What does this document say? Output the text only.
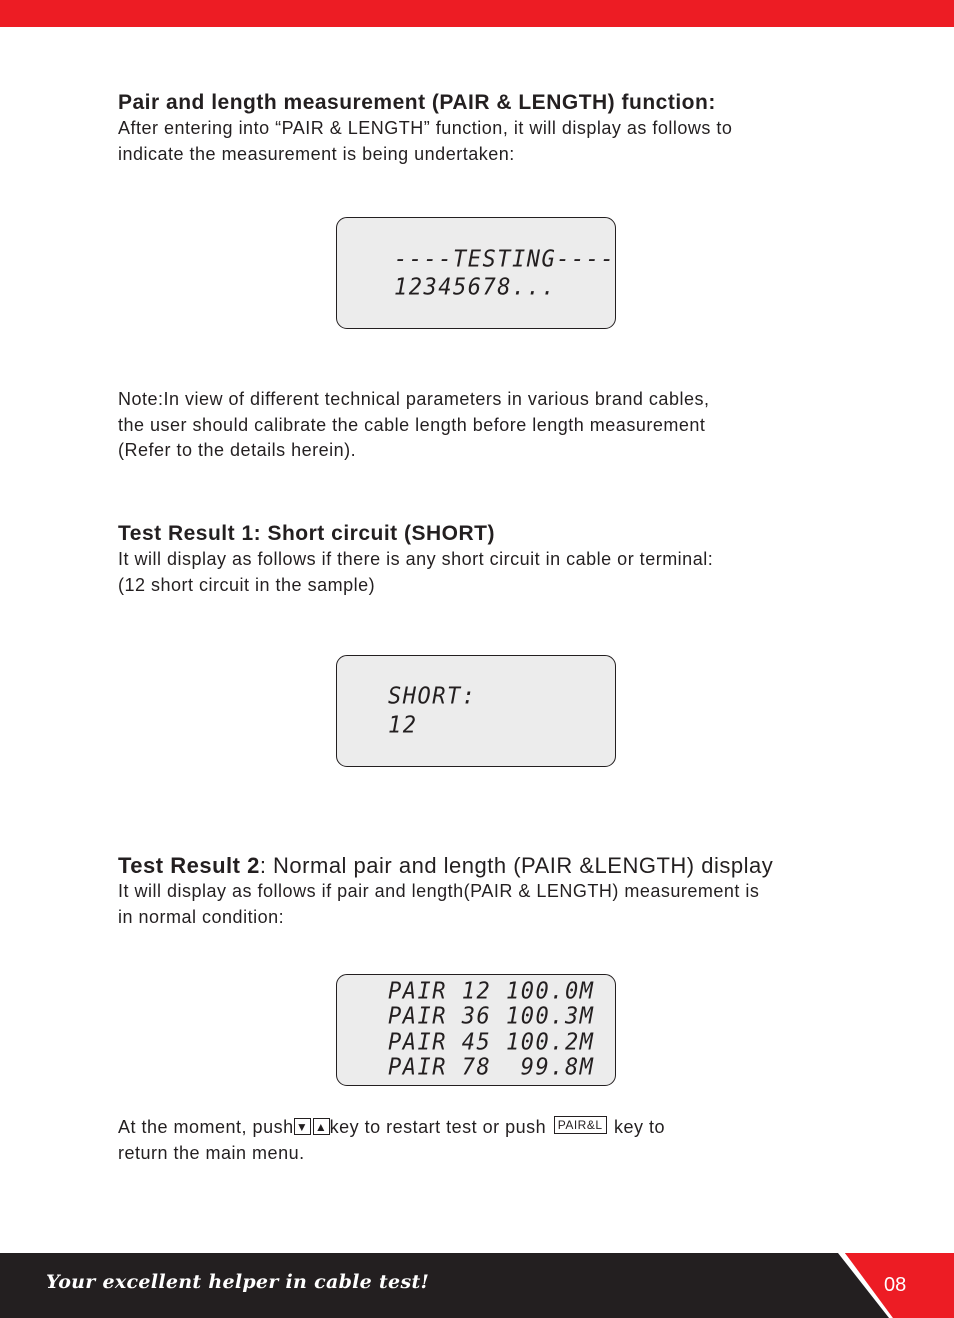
Pair and length measurement (PAIR & LENGTH) function:

After entering into “PAIR & LENGTH” function, it will display as follows to

indicate the measurement is being undertaken:

----TESTING----
12345678...

Note:In view of different technical parameters in various brand cables,

the user should calibrate the cable length before length measurement

(Refer to the details herein).

Test Result 1: Short circuit (SHORT)

It will display as follows if there is any short circuit in cable or terminal:

(12 short circuit in the sample)

SHORT:
12

Test Result 2: Normal pair and length (PAIR &LENGTH) display

It will display as follows if pair and length(PAIR & LENGTH) measurement is

in normal condition:

PAIR 12 100.0M
PAIR 36 100.3M
PAIR 45 100.2M
PAIR 78  99.8M

At the moment, push ▼ ▲ key to restart test or push PAIR&L key to

return the main menu.

Your excellent helper in cable test!	08
